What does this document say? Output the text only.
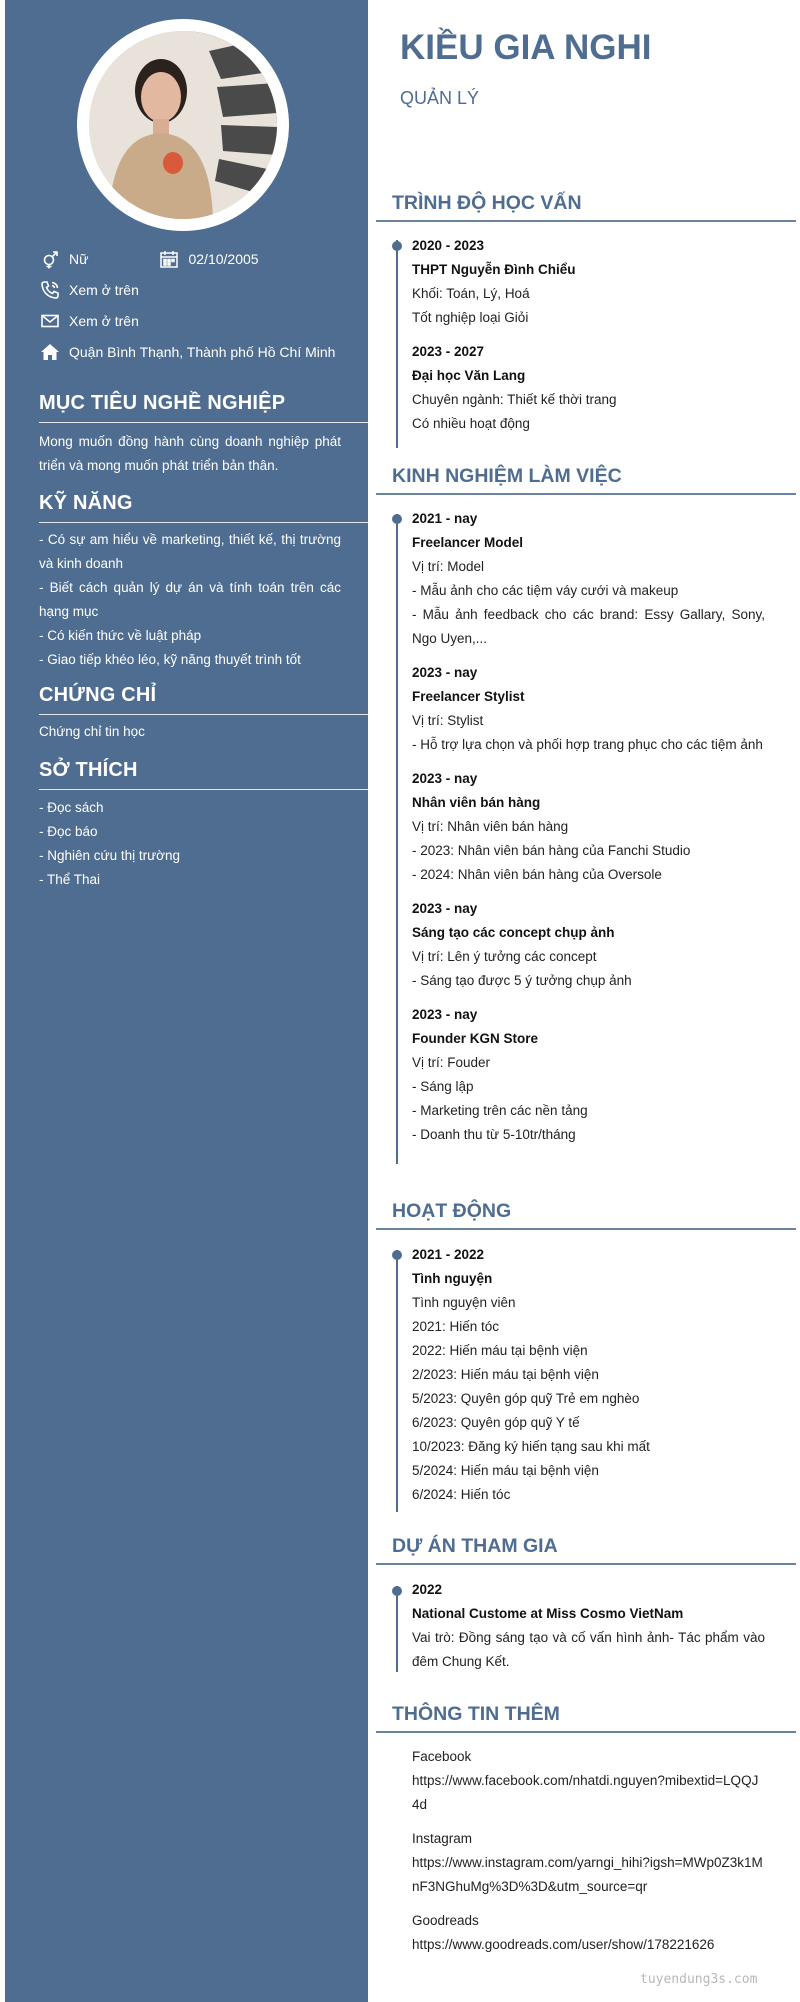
Nữ	02/10/2005
Xem ở trên
Xem ở trên
Quận Bình Thạnh, Thành phố Hồ Chí Minh
MỤC TIÊU NGHỀ NGHIỆP
Mong muốn đồng hành cùng doanh nghiệp phát triển và mong muốn phát triển bản thân.
KỸ NĂNG
- Có sự am hiểu về marketing, thiết kế, thị trường và kinh doanh
- Biết cách quản lý dự án và tính toán trên các hạng mục
- Có kiến thức về luật pháp
- Giao tiếp khéo léo, kỹ năng thuyết trình tốt
CHỨNG CHỈ
Chứng chỉ tin học
SỞ THÍCH
- Đọc sách
- Đọc báo
- Nghiên cứu thị trường
- Thể Thai
KIỀU GIA NGHI
QUẢN LÝ
TRÌNH ĐỘ HỌC VẤN
2020 - 2023
THPT Nguyễn Đình Chiểu
Khối: Toán, Lý, Hoá
Tốt nghiệp loại Giỏi
2023 - 2027
Đại học Văn Lang
Chuyên ngành: Thiết kế thời trang
Có nhiều hoạt động
KINH NGHIỆM LÀM VIỆC
2021 - nay
Freelancer Model
Vị trí: Model
- Mẫu ảnh cho các tiệm váy cưới và makeup
- Mẫu ảnh feedback cho các brand: Essy Gallary, Sony, Ngo Uyen,...
2023 - nay
Freelancer Stylist
Vị trí: Stylist
- Hỗ trợ lựa chọn và phối hợp trang phục cho các tiệm ảnh
2023 - nay
Nhân viên bán hàng
Vị trí: Nhân viên bán hàng
- 2023: Nhân viên bán hàng của Fanchi Studio
- 2024: Nhân viên bán hàng của Oversole
2023 - nay
Sáng tạo các concept chụp ảnh
Vị trí: Lên ý tưởng các concept
- Sáng tạo được 5 ý tưởng chụp ảnh
2023 - nay
Founder KGN Store
Vị trí: Fouder
- Sáng lập
- Marketing trên các nền tảng
- Doanh thu từ 5-10tr/tháng
HOẠT ĐỘNG
2021 - 2022
Tình nguyện
Tình nguyện viên
2021: Hiến tóc
2022: Hiến máu tại bệnh viện
2/2023: Hiến máu tại bệnh viện
5/2023: Quyên góp quỹ Trẻ em nghèo
6/2023: Quyên góp quỹ Y tế
10/2023: Đăng ký hiến tạng sau khi mất
5/2024: Hiến máu tại bệnh viện
6/2024: Hiến tóc
DỰ ÁN THAM GIA
2022
National Custome at Miss Cosmo VietNam
Vai trò: Đồng sáng tạo và cố vấn hình ảnh- Tác phẩm vào đêm Chung Kết.
THÔNG TIN THÊM
Facebook
https://www.facebook.com/nhatdi.nguyen?mibextid=LQQJ4d
Instagram
https://www.instagram.com/yarngi_hihi?igsh=MWp0Z3k1MnF3NGhuMg%3D%3D&utm_source=qr
Goodreads
https://www.goodreads.com/user/show/178221626
tuyendung3s.com
